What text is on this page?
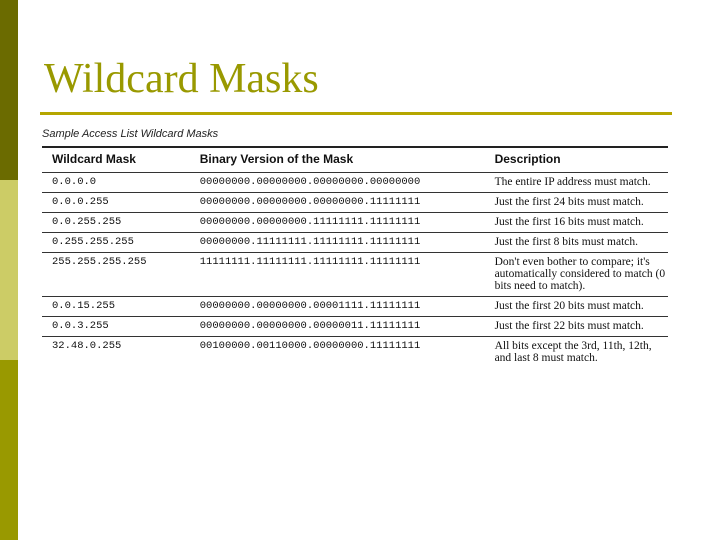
Wildcard Masks
Sample Access List Wildcard Masks
Wildcard Mask	Binary Version of the Mask	Description
0.0.0.0	00000000.00000000.00000000.00000000	The entire IP address must match.
0.0.0.255	00000000.00000000.00000000.11111111	Just the first 24 bits must match.
0.0.255.255	00000000.00000000.11111111.11111111	Just the first 16 bits must match.
0.255.255.255	00000000.11111111.11111111.11111111	Just the first 8 bits must match.
255.255.255.255	11111111.11111111.11111111.11111111	Don't even bother to compare; it's automatically considered to match (0 bits need to match).
0.0.15.255	00000000.00000000.00001111.11111111	Just the first 20 bits must match.
0.0.3.255	00000000.00000000.00000011.11111111	Just the first 22 bits must match.
32.48.0.255	00100000.00110000.00000000.11111111	All bits except the 3rd, 11th, 12th, and last 8 must match.
